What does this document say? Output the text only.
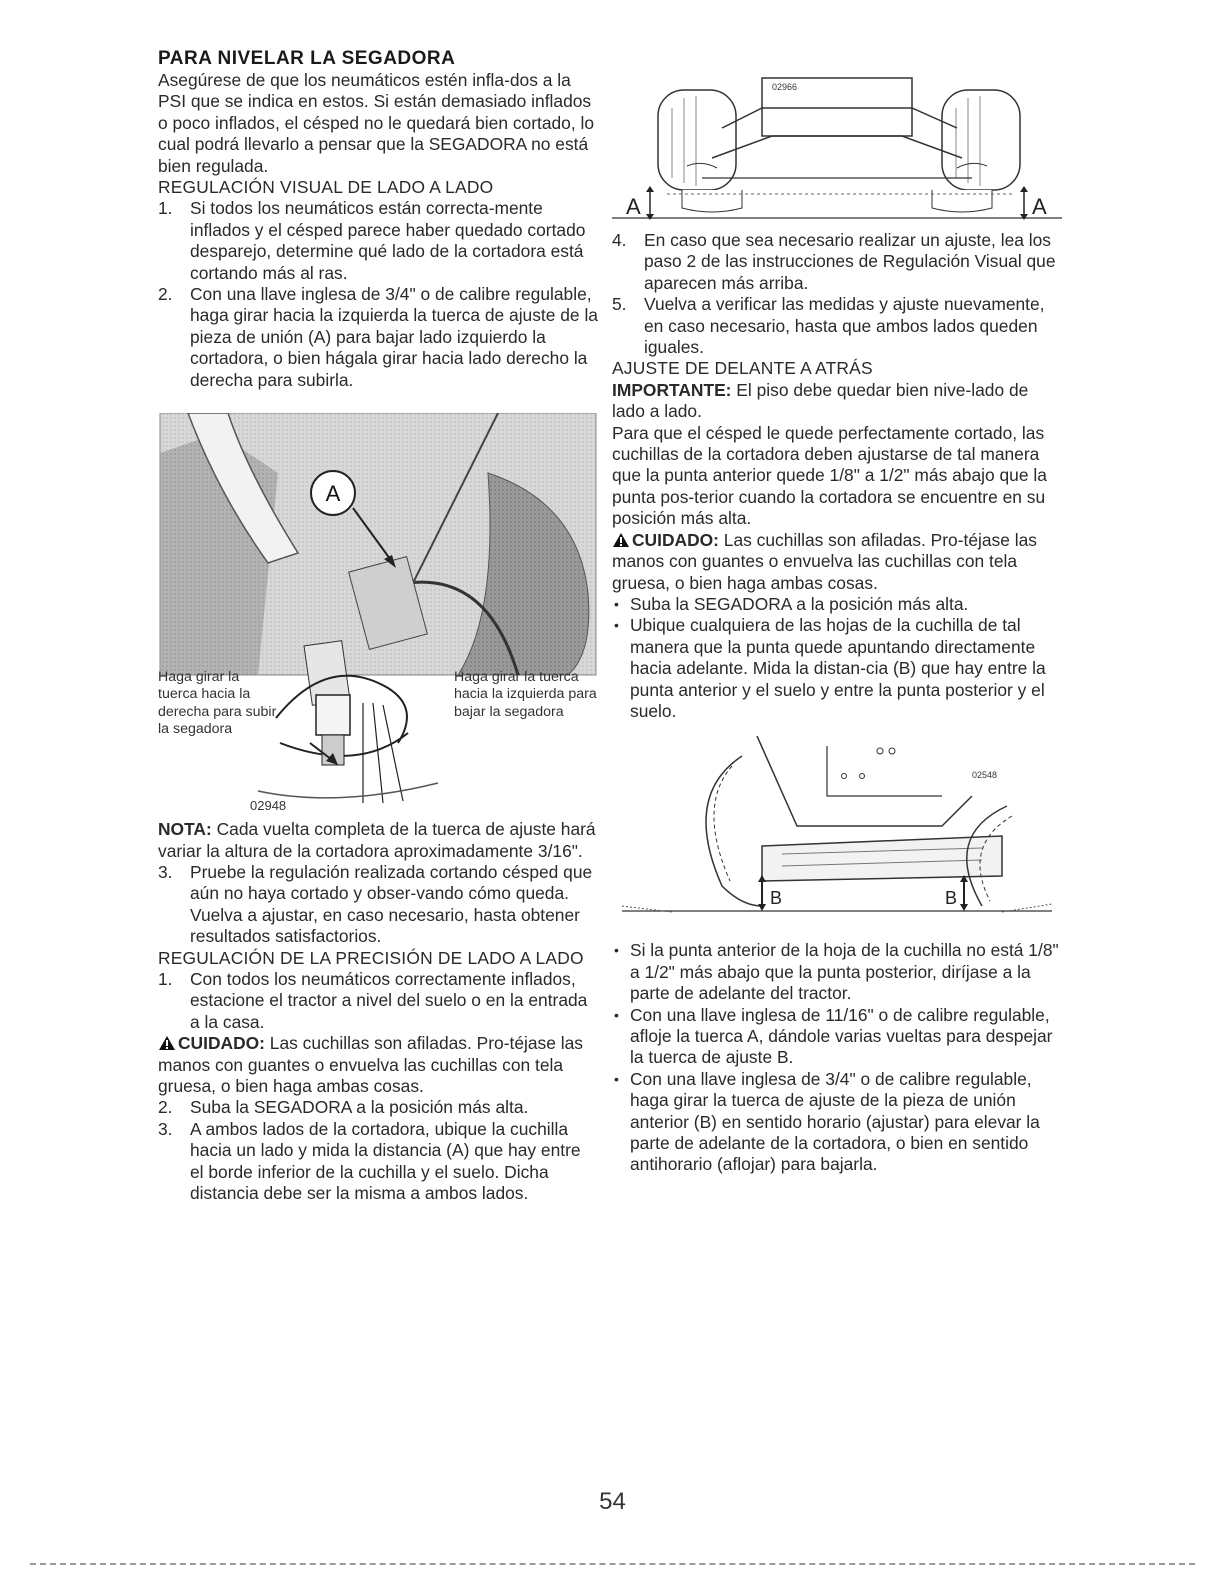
PARA NIVELAR LA SEGADORA

Asegúrese de que los neumáticos estén infla-dos a la PSI que se indica en estos. Si están demasiado inflados o poco inflados, el césped no le quedará bien cortado, lo cual podrá llevarlo a pensar que la SEGADORA no está bien regulada.

REGULACIÓN VISUAL DE LADO A LADO
1. Si todos los neumáticos están correcta-mente inflados y el césped parece haber quedado cortado desparejo, determine qué lado de la cortadora está cortando más al ras.
2. Con una llave inglesa de 3/4" o de calibre regulable, haga girar hacia la izquierda la tuerca de ajuste de la pieza de unión (A) para bajar lado izquierdo la cortadora, o bien hágala girar hacia lado derecho la derecha para subirla.
A
Haga girar la tuerca hacia la derecha para subir la segadora
Haga girar la tuerca hacia la izquierda para bajar la segadora
02948

NOTA: Cada vuelta completa de la tuerca de ajuste hará variar la altura de la cortadora aproximadamente 3/16".

3. Pruebe la regulación realizada cortando césped que aún no haya cortado y obser-vando cómo queda. Vuelva a ajustar, en caso necesario, hasta obtener resultados satisfactorios.
REGULACIÓN DE LA PRECISIÓN DE LADO A LADO
1. Con todos los neumáticos correctamente inflados, estacione el tractor a nivel del suelo o en la entrada a la casa.

CUIDADO: Las cuchillas son afiladas. Pro-téjase las manos con guantes o envuelva las cuchillas con tela gruesa, o bien haga ambas cosas.

2. Suba la SEGADORA a la posición más alta.
3. A ambos lados de la cortadora, ubique la cuchilla hacia un lado y mida la distancia (A) que hay entre el borde inferior de la cuchilla y el suelo. Dicha distancia debe ser la misma a ambos lados.
02966
A	A
4. En caso que sea necesario realizar un ajuste, lea los paso 2 de las instrucciones de Regulación Visual que aparecen más arriba.
5. Vuelva a verificar las medidas y ajuste nuevamente, en caso necesario, hasta que ambos lados queden iguales.
AJUSTE DE DELANTE A ATRÁS

IMPORTANTE: El piso debe quedar bien nive-lado de lado a lado.

Para que el césped le quede perfectamente cortado, las cuchillas de la cortadora deben ajustarse de tal manera que la punta anterior quede 1/8" a 1/2" más abajo que la punta pos-terior cuando la cortadora se encuentre en su posición más alta.

CUIDADO: Las cuchillas son afiladas. Pro-téjase las manos con guantes o envuelva las cuchillas con tela gruesa, o bien haga ambas cosas.

• Suba la SEGADORA a la posición más alta.
• Ubique cualquiera de las hojas de la cuchilla de tal manera que la punta quede apuntando directamente hacia adelante. Mida la distan-cia (B) que hay entre la punta anterior y el suelo y entre la punta posterior y el suelo.
02548
B	B
• Si la punta anterior de la hoja de la cuchilla no está 1/8" a 1/2" más abajo que la punta posterior, diríjase a la parte de adelante del tractor.
• Con una llave inglesa de 11/16" o de calibre regulable, afloje la tuerca A, dándole varias vueltas para despejar la tuerca de ajuste B.
• Con una llave inglesa de 3/4" o de calibre regulable, haga girar la tuerca de ajuste de la pieza de unión anterior (B) en sentido horario (ajustar) para elevar la parte de adelante de la cortadora, o bien en sentido antihorario (aflojar) para bajarla.
54
